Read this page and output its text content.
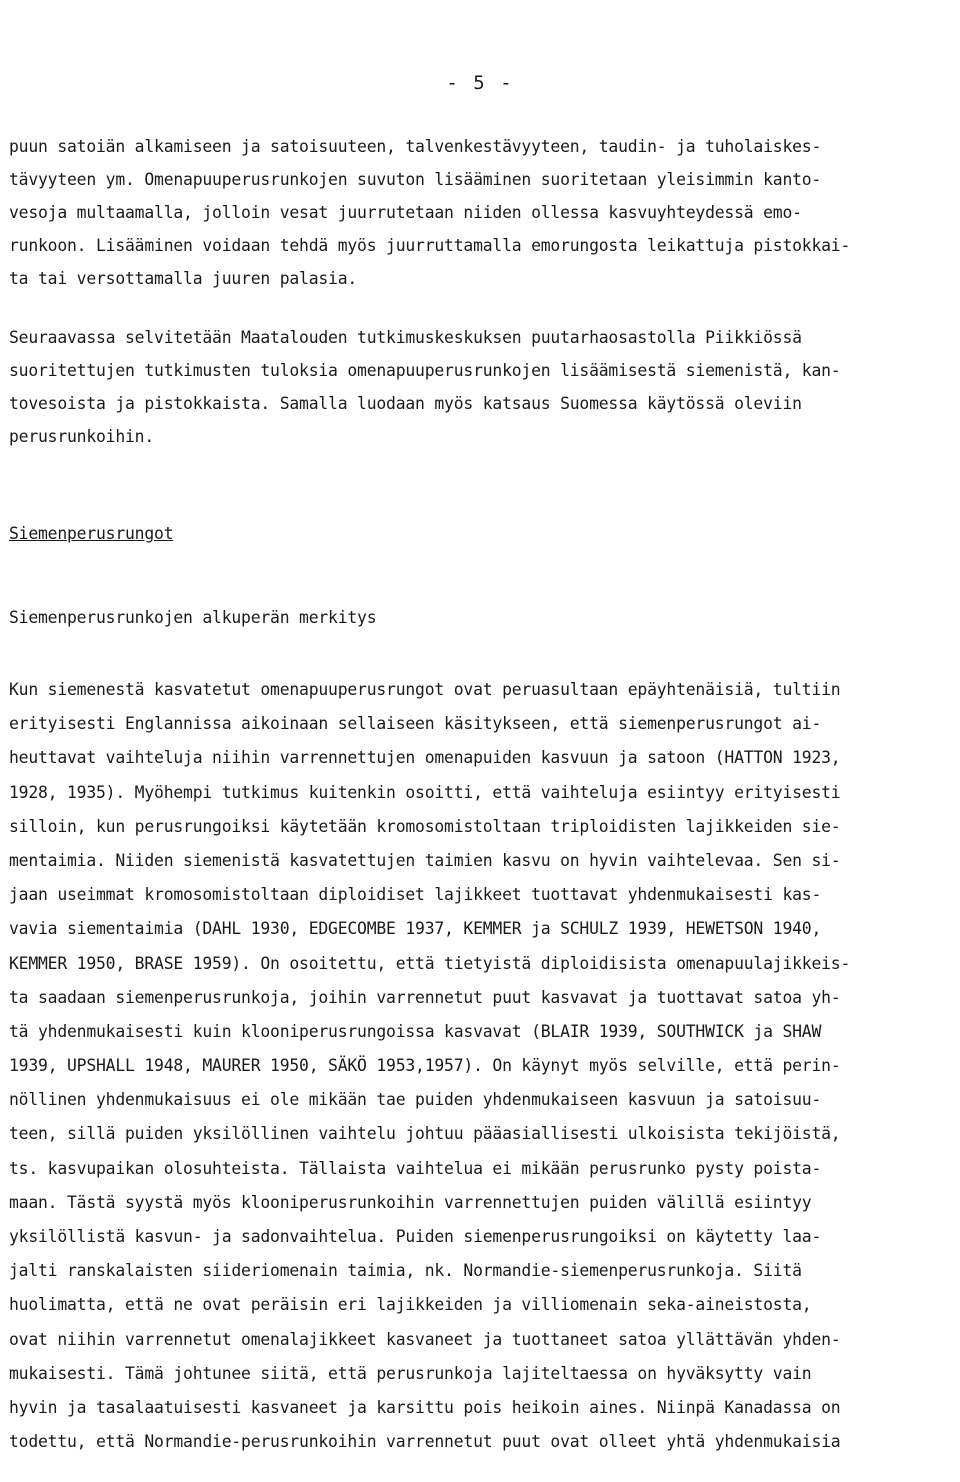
- 5 -
puun satoiän alkamiseen ja satoisuuteen, talvenkestävyyteen, taudin- ja tuholaiskes-
tävyyteen ym. Omenapuuperusrunkojen suvuton lisääminen suoritetaan yleisimmin kanto-
vesoja multaamalla, jolloin vesat juurrutetaan niiden ollessa kasvuyhteydessä emo-
runkoon. Lisääminen voidaan tehdä myös juurruttamalla emorungosta leikattuja pistokkai-
ta tai versottamalla juuren palasia.
Seuraavassa selvitetään Maatalouden tutkimuskeskuksen puutarhaosastolla Piikkiössä
suoritettujen tutkimusten tuloksia omenapuuperusrunkojen lisäämisestä siemenistä, kan-
tovesoista ja pistokkaista. Samalla luodaan myös katsaus Suomessa käytössä oleviin
perusrunkoihin.
Siemenperusrungot
Siemenperusrunkojen alkuperän merkitys
Kun siemenestä kasvatetut omenapuuperusrungot ovat peruasultaan epäyhtenäisiä, tultiin
erityisesti Englannissa aikoinaan sellaiseen käsitykseen, että siemenperusrungot ai-
heuttavat vaihteluja niihin varrennettujen omenapuiden kasvuun ja satoon (HATTON 1923,
1928, 1935). Myöhempi tutkimus kuitenkin osoitti, että vaihteluja esiintyy erityisesti
silloin, kun perusrungoiksi käytetään kromosomistoltaan triploidisten lajikkeiden sie-
mentaimia. Niiden siemenistä kasvatettujen taimien kasvu on hyvin vaihtelevaa. Sen si-
jaan useimmat kromosomistoltaan diploidiset lajikkeet tuottavat yhdenmukaisesti kas-
vavia siementaimia (DAHL 1930, EDGECOMBE 1937, KEMMER ja SCHULZ 1939, HEWETSON 1940,
KEMMER 1950, BRASE 1959). On osoitettu, että tietyistä diploidisista omenapuulajikkeis-
ta saadaan siemenperusrunkoja, joihin varrennetut puut kasvavat ja tuottavat satoa yh-
tä yhdenmukaisesti kuin klooniperusrungoissa kasvavat (BLAIR 1939, SOUTHWICK ja SHAW
1939, UPSHALL 1948, MAURER 1950, SÄKÖ 1953,1957). On käynyt myös selville, että perin-
nöllinen yhdenmukaisuus ei ole mikään tae puiden yhdenmukaiseen kasvuun ja satoisuu-
teen, sillä puiden yksilöllinen vaihtelu johtuu pääasiallisesti ulkoisista tekijöistä,
ts. kasvupaikan olosuhteista. Tällaista vaihtelua ei mikään perusrunko pysty poista-
maan. Tästä syystä myös klooniperusrunkoihin varrennettujen puiden välillä esiintyy
yksilöllistä kasvun- ja sadonvaihtelua. Puiden siemenperusrungoiksi on käytetty laa-
jalti ranskalaisten siideriomenain taimia, nk. Normandie-siemenperusrunkoja. Siitä
huolimatta, että ne ovat peräisin eri lajikkeiden ja villiomenain seka-aineistosta,
ovat niihin varrennetut omenalajikkeet kasvaneet ja tuottaneet satoa yllättävän yhden-
mukaisesti. Tämä johtunee siitä, että perusrunkoja lajiteltaessa on hyväksytty vain
hyvin ja tasalaatuisesti kasvaneet ja karsittu pois heikoin aines. Niinpä Kanadassa on
todettu, että Normandie-perusrunkoihin varrennetut puut ovat olleet yhtä yhdenmukaisia
